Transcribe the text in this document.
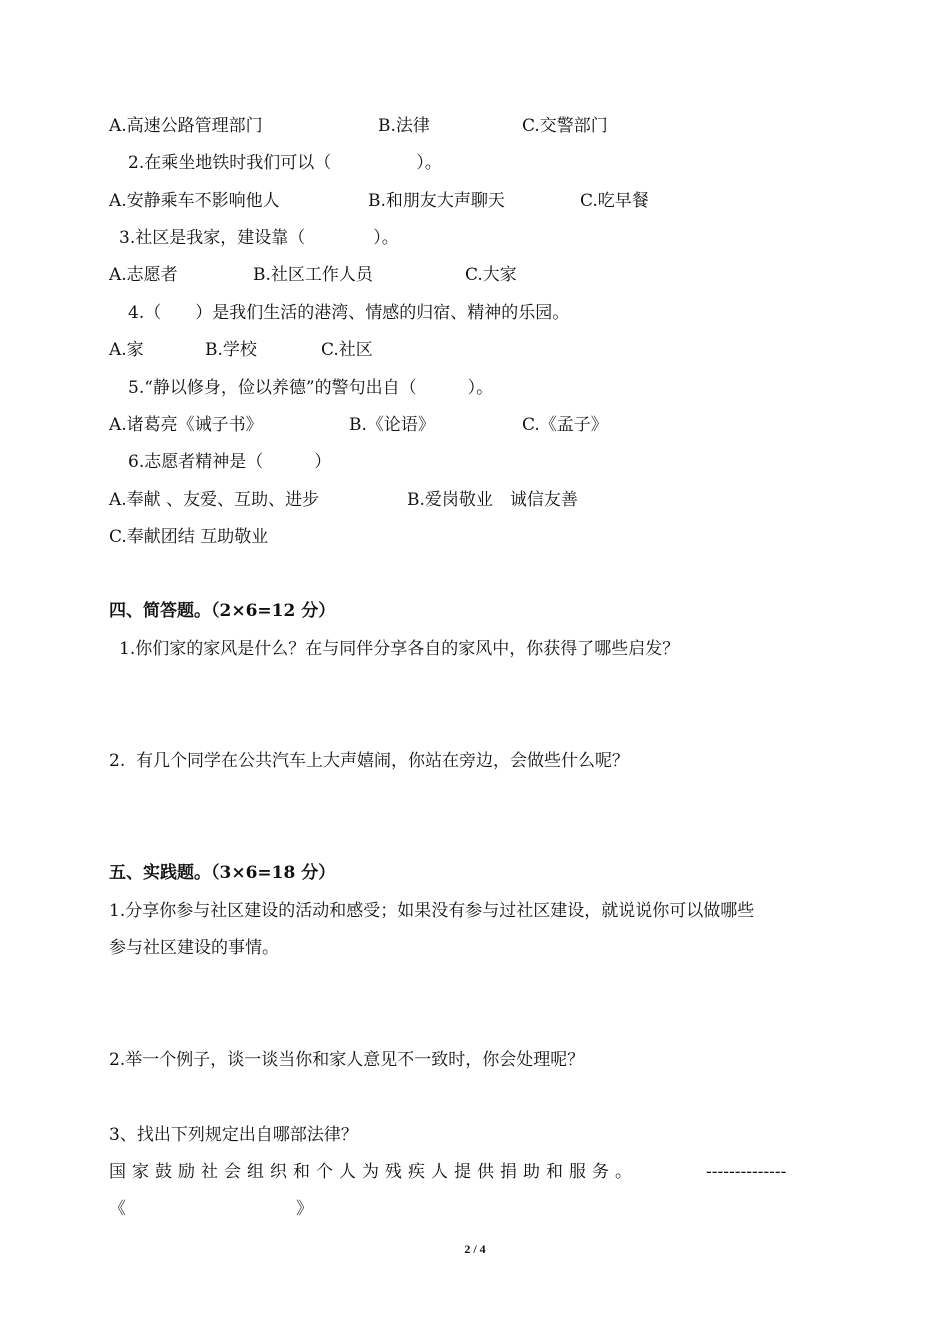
A.高速公路管理部门	B.法律	C.交警部门
2.在乘坐地铁时我们可以（　　　　　）。
A.安静乘车不影响他人	B.和朋友大声聊天	C.吃早餐
3.社区是我家，建设靠（　　　　）。
A.志愿者	B.社区工作人员	C.大家
4.（　　）是我们生活的港湾、情感的归宿、精神的乐园。
A.家	B.学校	C.社区
5.“静以修身，俭以养德”的警句出自（　　　）。
A.诸葛亮《诫子书》	B.《论语》	C.《孟子》
6.志愿者精神是（　　　）
A.奉献 、友爱、互助、进步	B.爱岗敬业　诚信友善
C.奉献团结 互助敬业
四、简答题。（2×6=12 分）
1.你们家的家风是什么？在与同伴分享各自的家风中，你获得了哪些启发？
2.  有几个同学在公共汽车上大声嬉闹，你站在旁边，会做些什么呢？
五、实践题。（3×6=18 分）
1.分享你参与社区建设的活动和感受；如果没有参与过社区建设，就说说你可以做哪些
参与社区建设的事情。
2.举一个例子，谈一谈当你和家人意见不一致时，你会处理呢？
3、找出下列规定出自哪部法律？
国家鼓励社会组织和个人为残疾人提供捐助和服务。	--------------
《　　　　　　　　　　》
2 / 4
